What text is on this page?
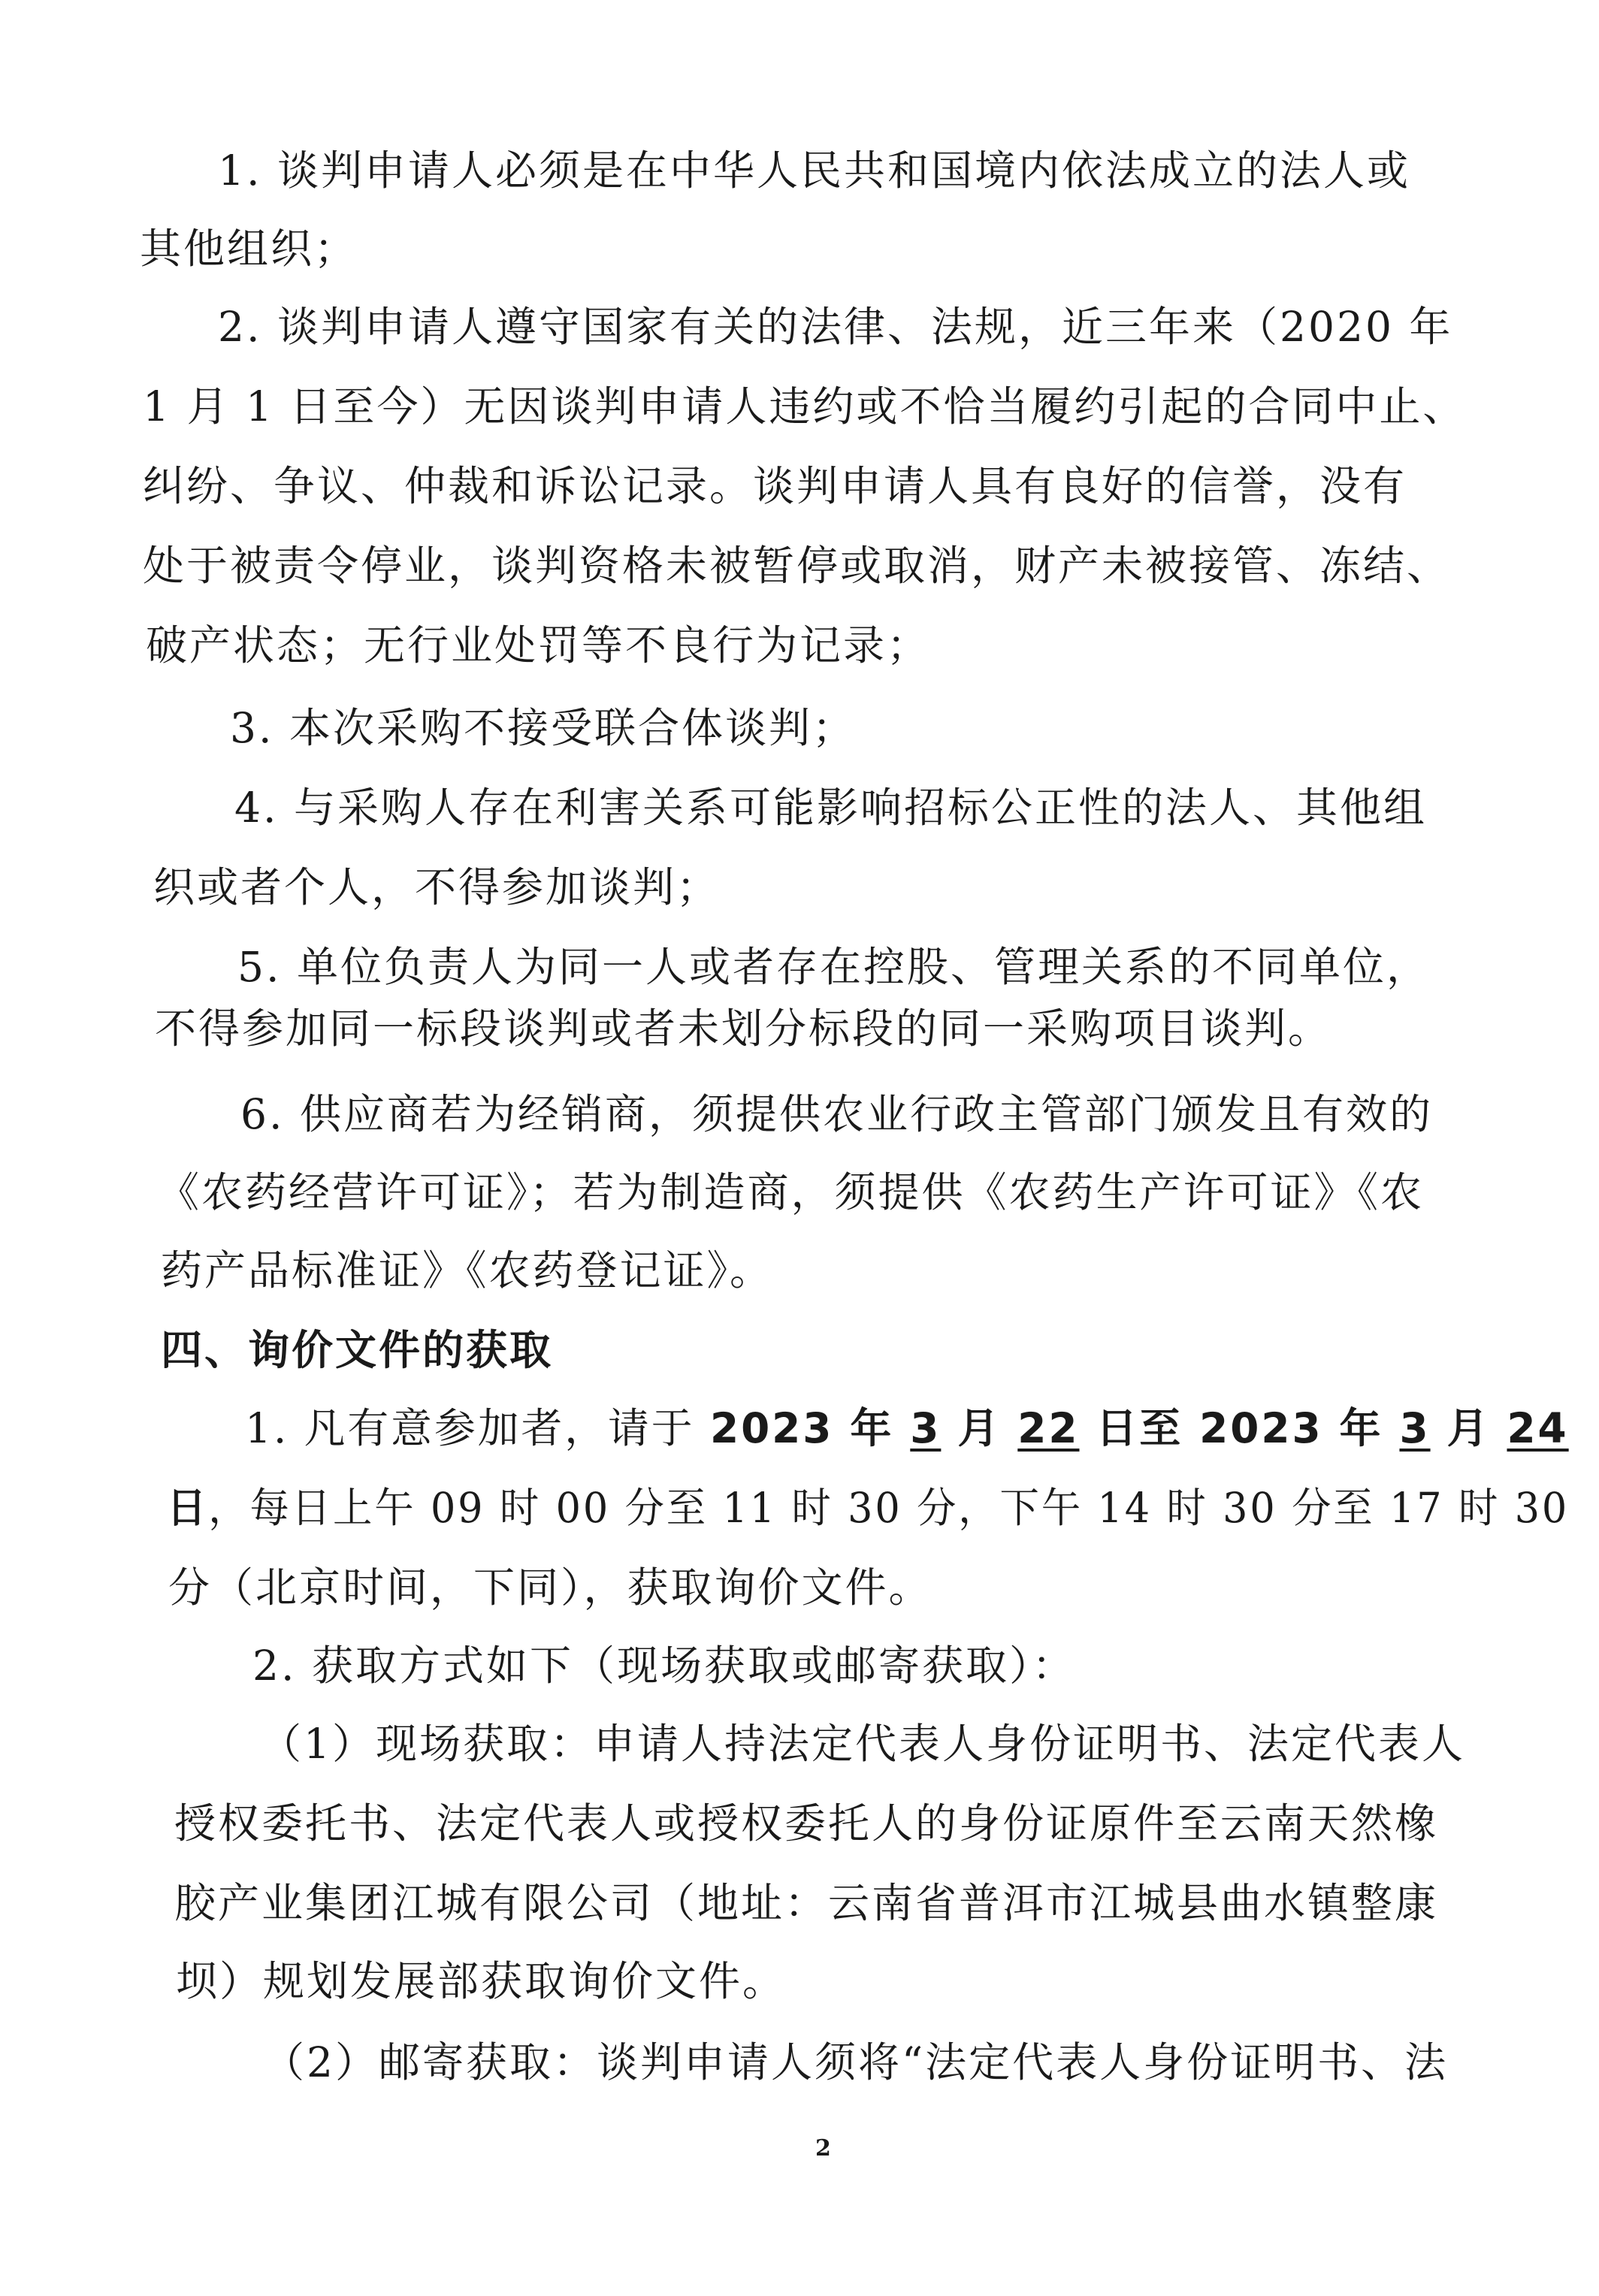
1. 谈判申请人必须是在中华人民共和国境内依法成立的法人或
其他组织；
2. 谈判申请人遵守国家有关的法律、法规，近三年来（2020 年
1 月 1 日至今）无因谈判申请人违约或不恰当履约引起的合同中止、
纠纷、争议、仲裁和诉讼记录。谈判申请人具有良好的信誉，没有
处于被责令停业，谈判资格未被暂停或取消，财产未被接管、冻结、
破产状态；无行业处罚等不良行为记录；
3. 本次采购不接受联合体谈判；
4. 与采购人存在利害关系可能影响招标公正性的法人、其他组
织或者个人，不得参加谈判；
5. 单位负责人为同一人或者存在控股、管理关系的不同单位，
不得参加同一标段谈判或者未划分标段的同一采购项目谈判。
6. 供应商若为经销商，须提供农业行政主管部门颁发且有效的
《农药经营许可证》；若为制造商，须提供《农药生产许可证》《农
药产品标准证》《农药登记证》。
四、询价文件的获取
1. 凡有意参加者，请于 2023 年 3 月 22 日至 2023 年 3 月 24
日，每日上午 09 时 00 分至 11 时 30 分，下午 14 时 30 分至 17 时 30
分（北京时间，下同），获取询价文件。
2. 获取方式如下（现场获取或邮寄获取）：
（1）现场获取：申请人持法定代表人身份证明书、法定代表人
授权委托书、法定代表人或授权委托人的身份证原件至云南天然橡
胶产业集团江城有限公司（地址：云南省普洱市江城县曲水镇整康
坝）规划发展部获取询价文件。
（2）邮寄获取：谈判申请人须将“法定代表人身份证明书、法
2
